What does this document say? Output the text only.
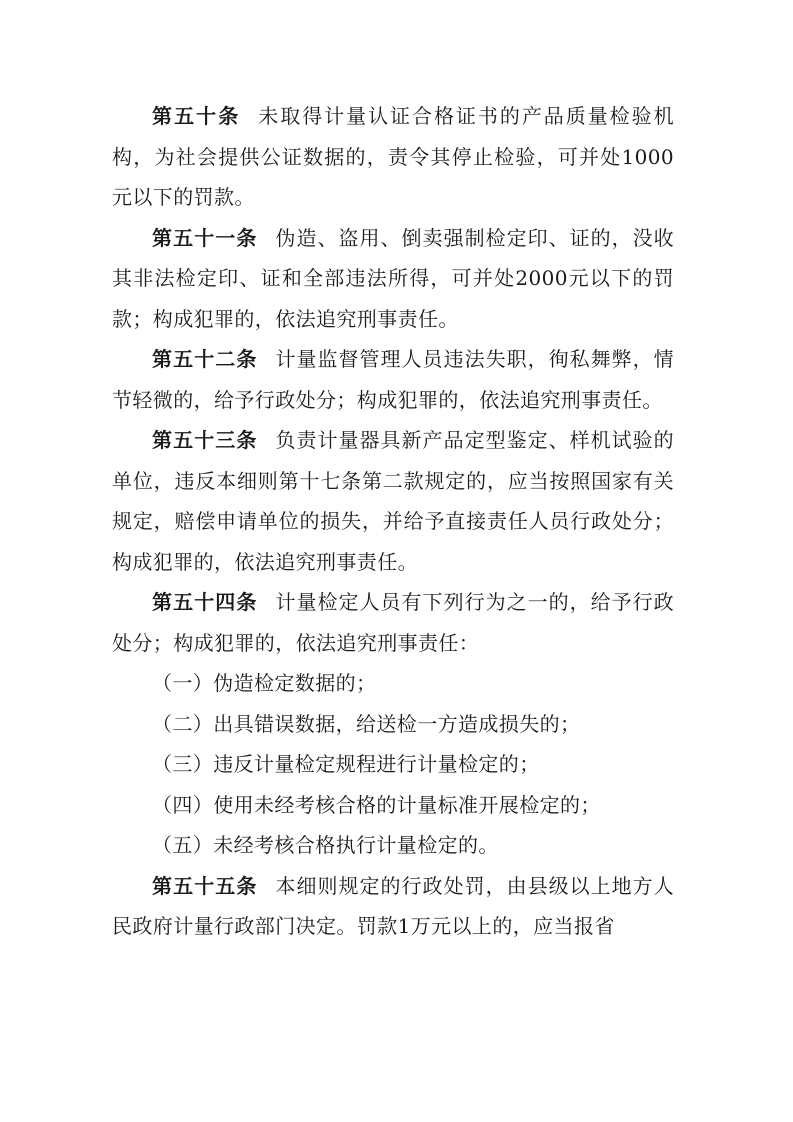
第五十条 未取得计量认证合格证书的产品质量检验机构，为社会提供公证数据的，责令其停止检验，可并处1000元以下的罚款。

第五十一条 伪造、盗用、倒卖强制检定印、证的，没收其非法检定印、证和全部违法所得，可并处2000元以下的罚款；构成犯罪的，依法追究刑事责任。

第五十二条 计量监督管理人员违法失职，徇私舞弊，情节轻微的，给予行政处分；构成犯罪的，依法追究刑事责任。

第五十三条 负责计量器具新产品定型鉴定、样机试验的单位，违反本细则第十七条第二款规定的，应当按照国家有关规定，赔偿申请单位的损失，并给予直接责任人员行政处分；构成犯罪的，依法追究刑事责任。

第五十四条 计量检定人员有下列行为之一的，给予行政处分；构成犯罪的，依法追究刑事责任：

（一）伪造检定数据的；

（二）出具错误数据，给送检一方造成损失的；

（三）违反计量检定规程进行计量检定的；

（四）使用未经考核合格的计量标准开展检定的；

（五）未经考核合格执行计量检定的。

第五十五条 本细则规定的行政处罚，由县级以上地方人民政府计量行政部门决定。罚款1万元以上的，应当报省
